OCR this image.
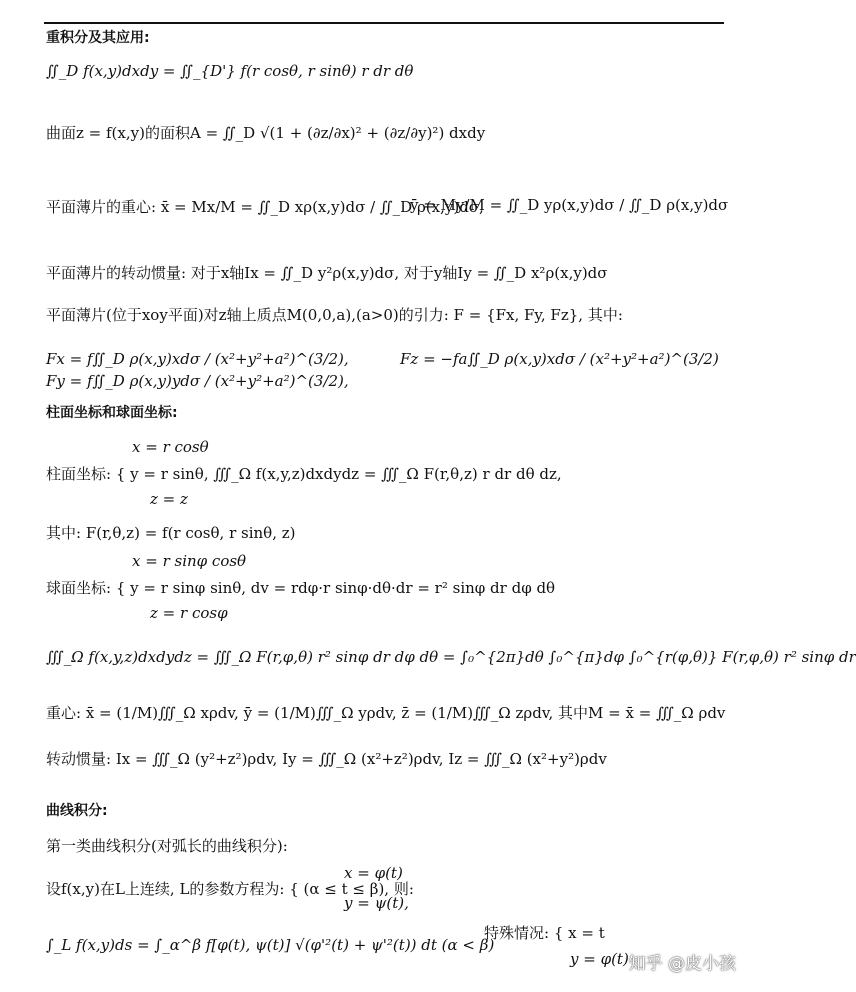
重积分及其应用:
∬_D f(x,y)dxdy = ∬_{D'} f(r cosθ, r sinθ) r dr dθ
曲面z = f(x,y)的面积A = ∬_D √(1 + (∂z/∂x)² + (∂z/∂y)²) dxdy
平面薄片的重心: x̄ = Mx/M = ∬_D xρ(x,y)dσ / ∬_D ρ(x,y)dσ,
ȳ = My/M = ∬_D yρ(x,y)dσ / ∬_D ρ(x,y)dσ
平面薄片的转动惯量: 对于x轴Ix = ∬_D y²ρ(x,y)dσ, 对于y轴Iy = ∬_D x²ρ(x,y)dσ
平面薄片(位于xoy平面)对z轴上质点M(0,0,a),(a>0)的引力: F = {Fx, Fy, Fz}, 其中:
Fx = f∬_D ρ(x,y)xdσ / (x²+y²+a²)^(3/2),
Fy = f∬_D ρ(x,y)ydσ / (x²+y²+a²)^(3/2),
Fz = −fa∬_D ρ(x,y)xdσ / (x²+y²+a²)^(3/2)
柱面坐标和球面坐标:
x = r cosθ
柱面坐标: { y = r sinθ, ∭_Ω f(x,y,z)dxdydz = ∭_Ω F(r,θ,z) r dr dθ dz,
z = z
其中: F(r,θ,z) = f(r cosθ, r sinθ, z)
x = r sinφ cosθ
球面坐标: { y = r sinφ sinθ, dv = rdφ·r sinφ·dθ·dr = r² sinφ dr dφ dθ
z = r cosφ
∭_Ω f(x,y,z)dxdydz = ∭_Ω F(r,φ,θ) r² sinφ dr dφ dθ = ∫₀^{2π}dθ ∫₀^{π}dφ ∫₀^{r(φ,θ)} F(r,φ,θ) r² sinφ dr
重心: x̄ = (1/M)∭_Ω xρdv, ȳ = (1/M)∭_Ω yρdv, z̄ = (1/M)∭_Ω zρdv, 其中M = x̄ = ∭_Ω ρdv
转动惯量: Ix = ∭_Ω (y²+z²)ρdv, Iy = ∭_Ω (x²+z²)ρdv, Iz = ∭_Ω (x²+y²)ρdv
曲线积分:
第一类曲线积分(对弧长的曲线积分):
x = φ(t)
设f(x,y)在L上连续, L的参数方程为: { (α ≤ t ≤ β), 则:
y = ψ(t),
∫_L f(x,y)ds = ∫_α^β f[φ(t), ψ(t)] √(φ'²(t) + ψ'²(t)) dt (α < β)
特殊情况: { x = t
y = φ(t) 知乎 @皮小孩
